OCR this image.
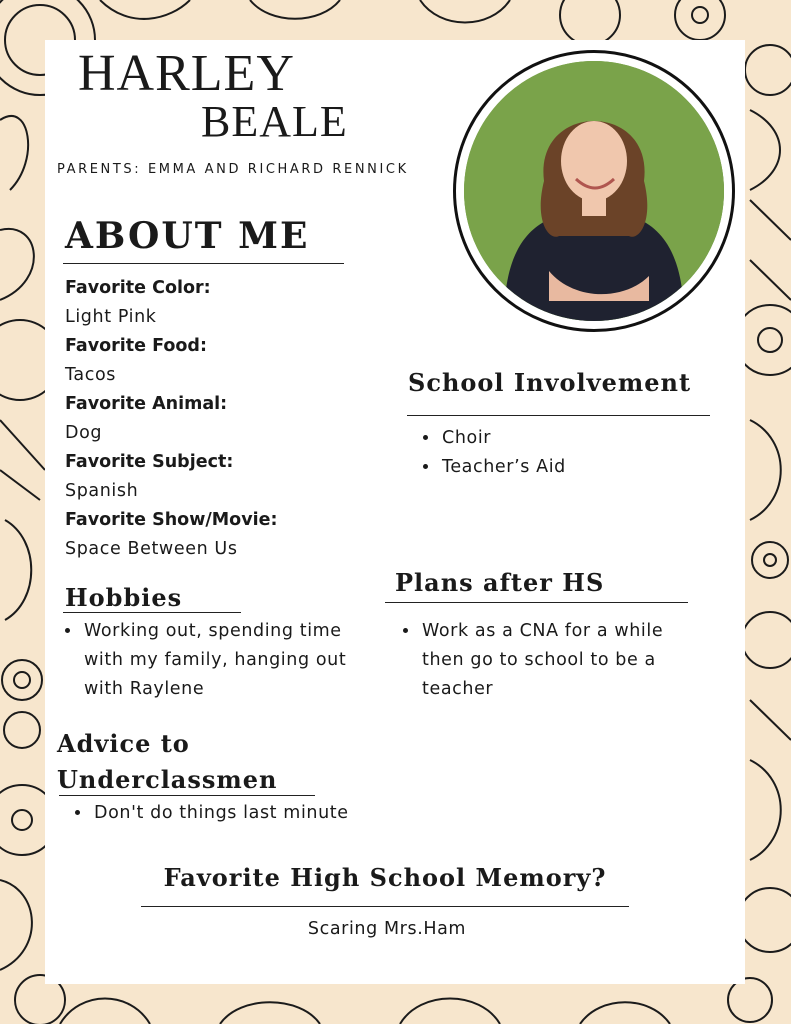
HARLEY
BEALE
PARENTS: EMMA AND RICHARD RENNICK
ABOUT ME
Favorite Color:
Light Pink
Favorite Food:
Tacos
Favorite Animal:
Dog
Favorite Subject:
Spanish
Favorite Show/Movie:
Space Between Us
School Involvement
• Choir
• Teacher’s Aid
Hobbies
• Working out, spending time with my family, hanging out with Raylene
Plans after HS
• Work as a CNA for a while then go to school to be a teacher
Advice to
Underclassmen
• Don't do things last minute
Favorite High School Memory?
Scaring Mrs.Ham
